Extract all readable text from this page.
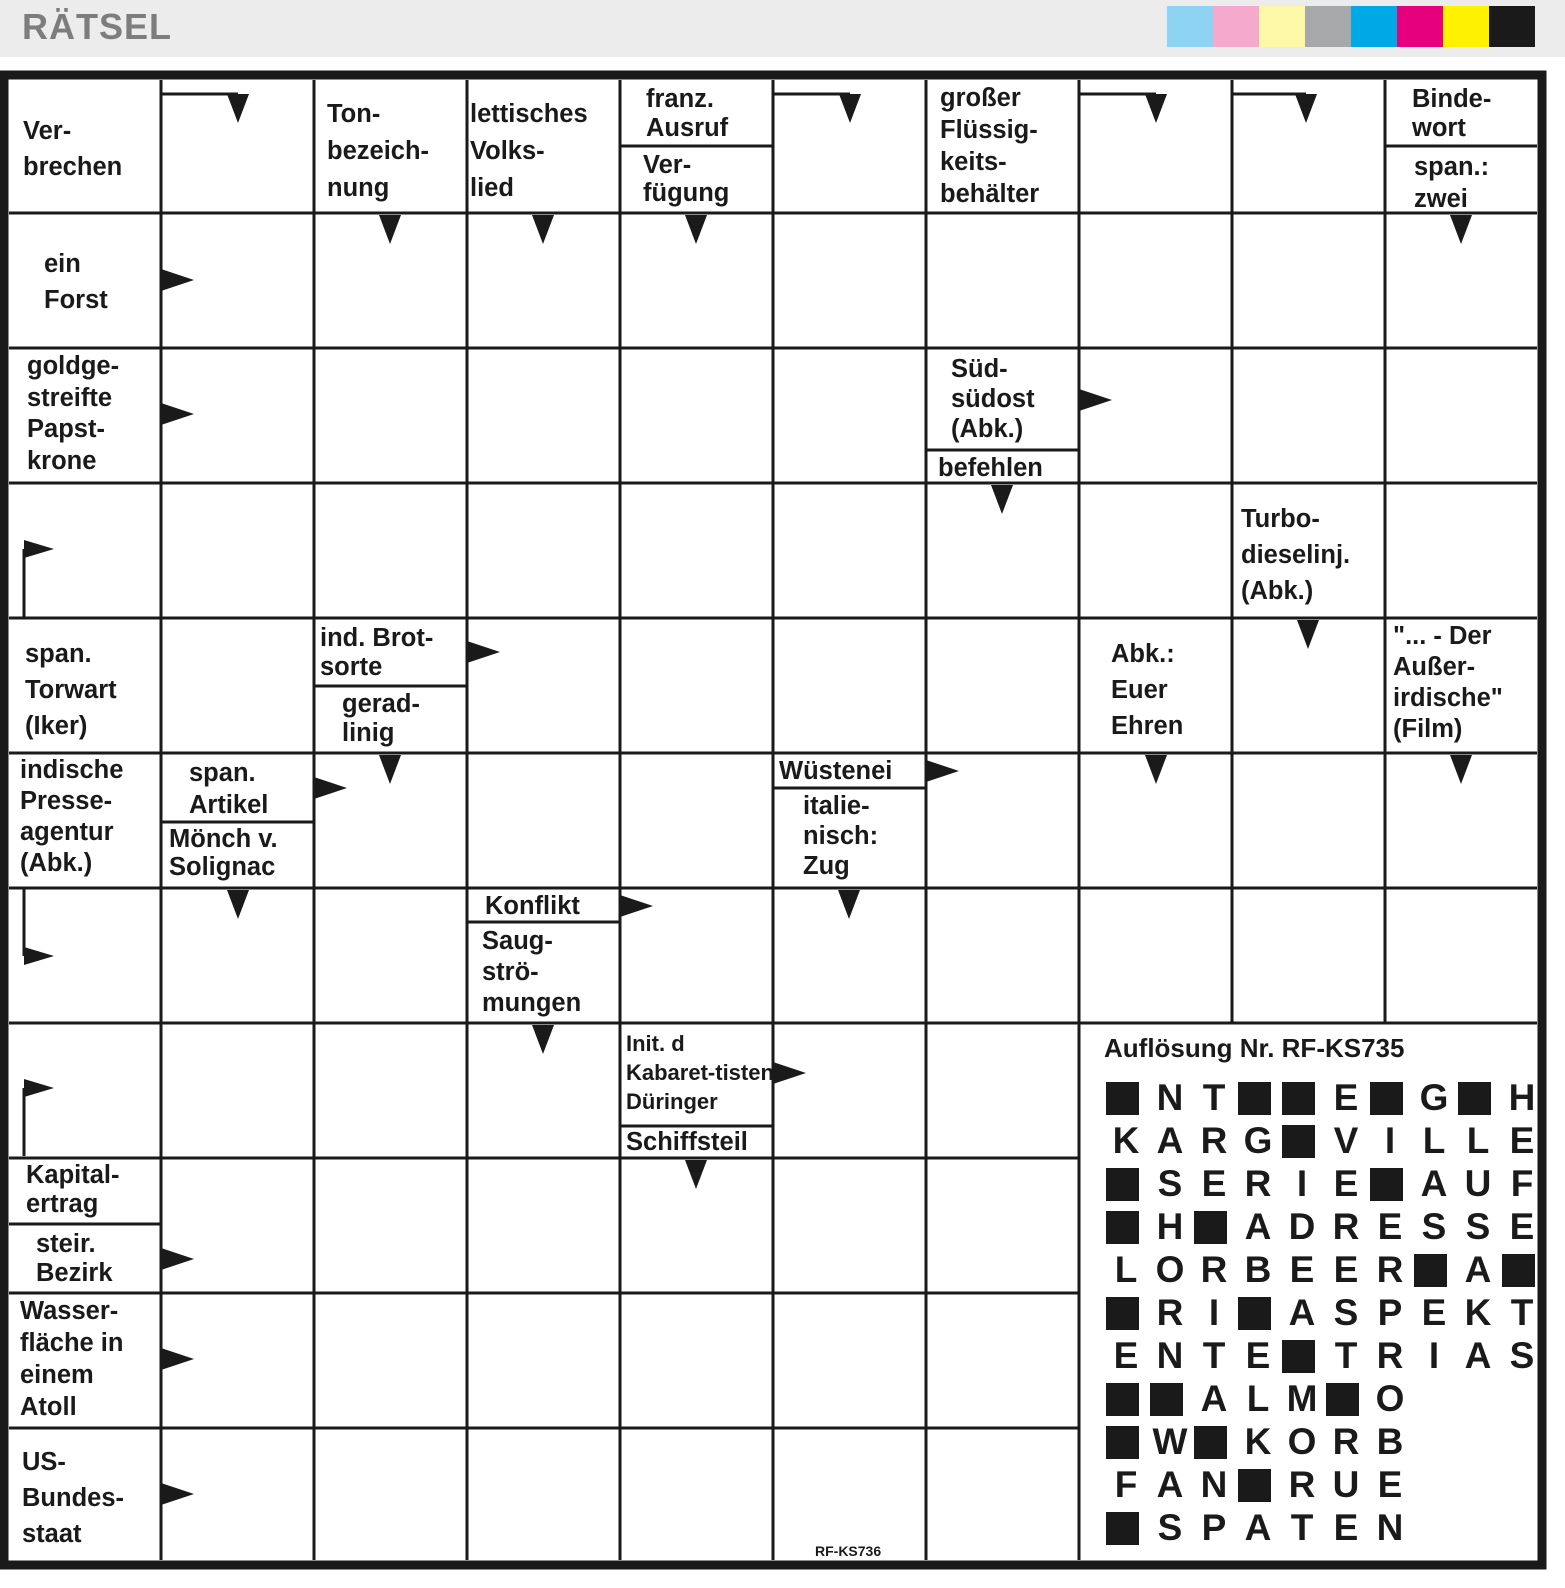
RÄTSEL
Ver-
brechen
Ton-
bezeich-
nung
lettisches
Volks-
lied
franz.
Ausruf
Ver-
fügung
großer
Flüssig-
keits-
behälter
Binde-
wort
span.:
zwei
ein
Forst
goldge-
streifte
Papst-
krone
Süd-
südost
(Abk.)
befehlen
Turbo-
dieselinj.
(Abk.)
span.
Torwart
(Iker)
ind. Brot-
sorte
gerad-
linig
Abk.:
Euer
Ehren
"... - Der
Außer-
irdische"
(Film)
indische
Presse-
agentur
(Abk.)
span.
Artikel
Mönch v.
Solignac
Wüstenei
italie-
nisch:
Zug
Konflikt
Saug-
strö-
mungen
Init. d
Kabaret-tisten
Düringer
Schiffsteil
Kapital-
ertrag
steir.
Bezirk
Wasser-
fläche in
einem
Atoll
US-
Bundes-
staat
Auflösung Nr. RF-KS735
N T	E G H
K A R G V I L L E
S E R I E A U F
H A D R E S S E
L O R B E E R A
R I	A S P E K T
E N T E T R I A S
A L M O
W K O R B
F A N R U E
S P A T E N
RF-KS736
